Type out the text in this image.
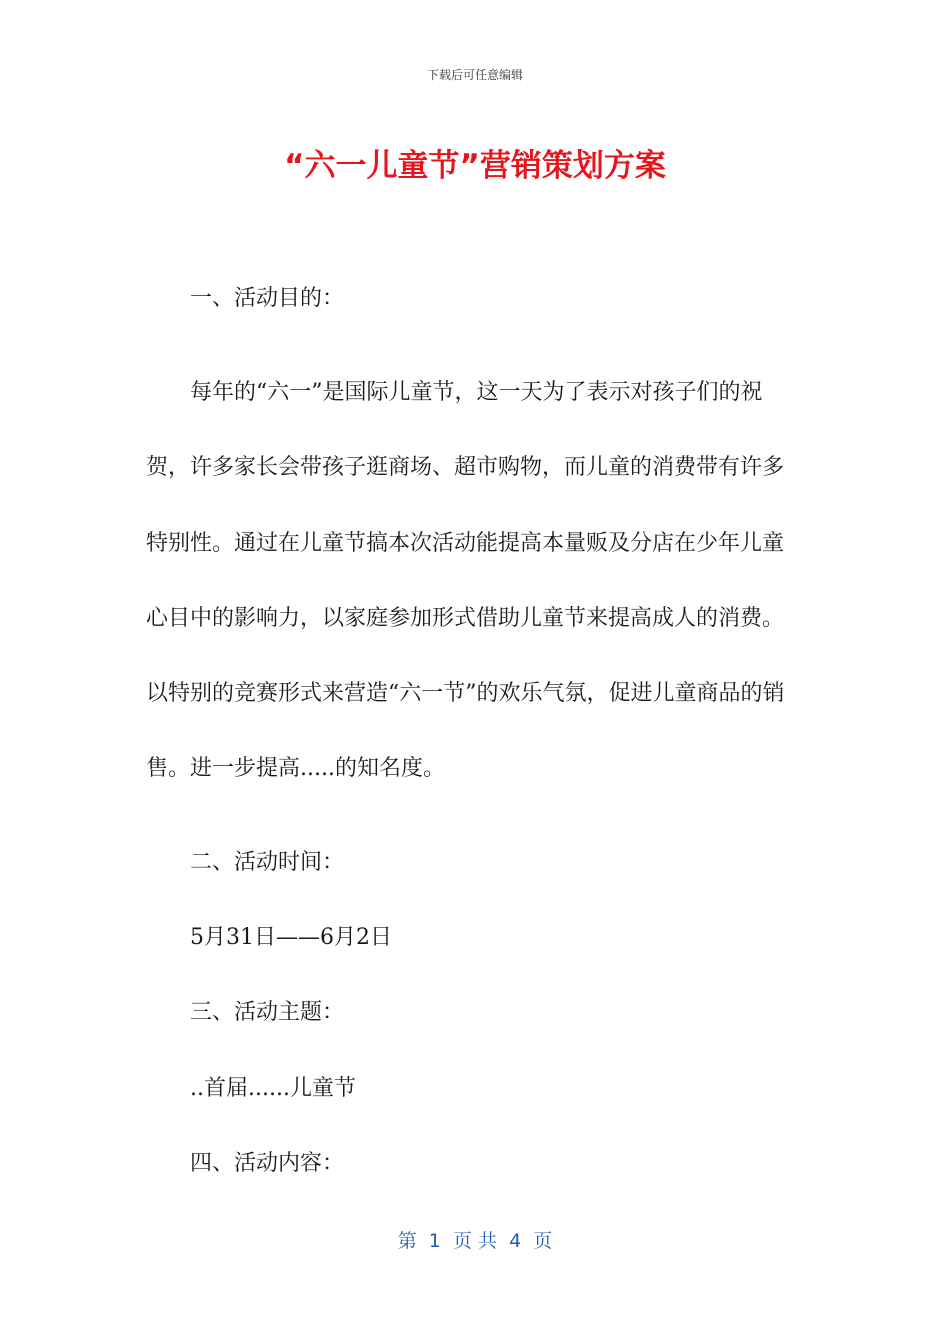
下载后可任意编辑
“六一儿童节”营销策划方案

一、活动目的：

每年的“六一”是国际儿童节，这一天为了表示对孩子们的祝贺，许多家长会带孩子逛商场、超市购物，而儿童的消费带有许多特别性。通过在儿童节搞本次活动能提高本量贩及分店在少年儿童心目中的影响力，以家庭参加形式借助儿童节来提高成人的消费。以特别的竞赛形式来营造“六一节”的欢乐气氛，促进儿童商品的销售。进一步提高.....的知名度。

二、活动时间：

5月31日——6月2日

三、活动主题：

..首届......儿童节

四、活动内容：

第  1  页 共  4  页
